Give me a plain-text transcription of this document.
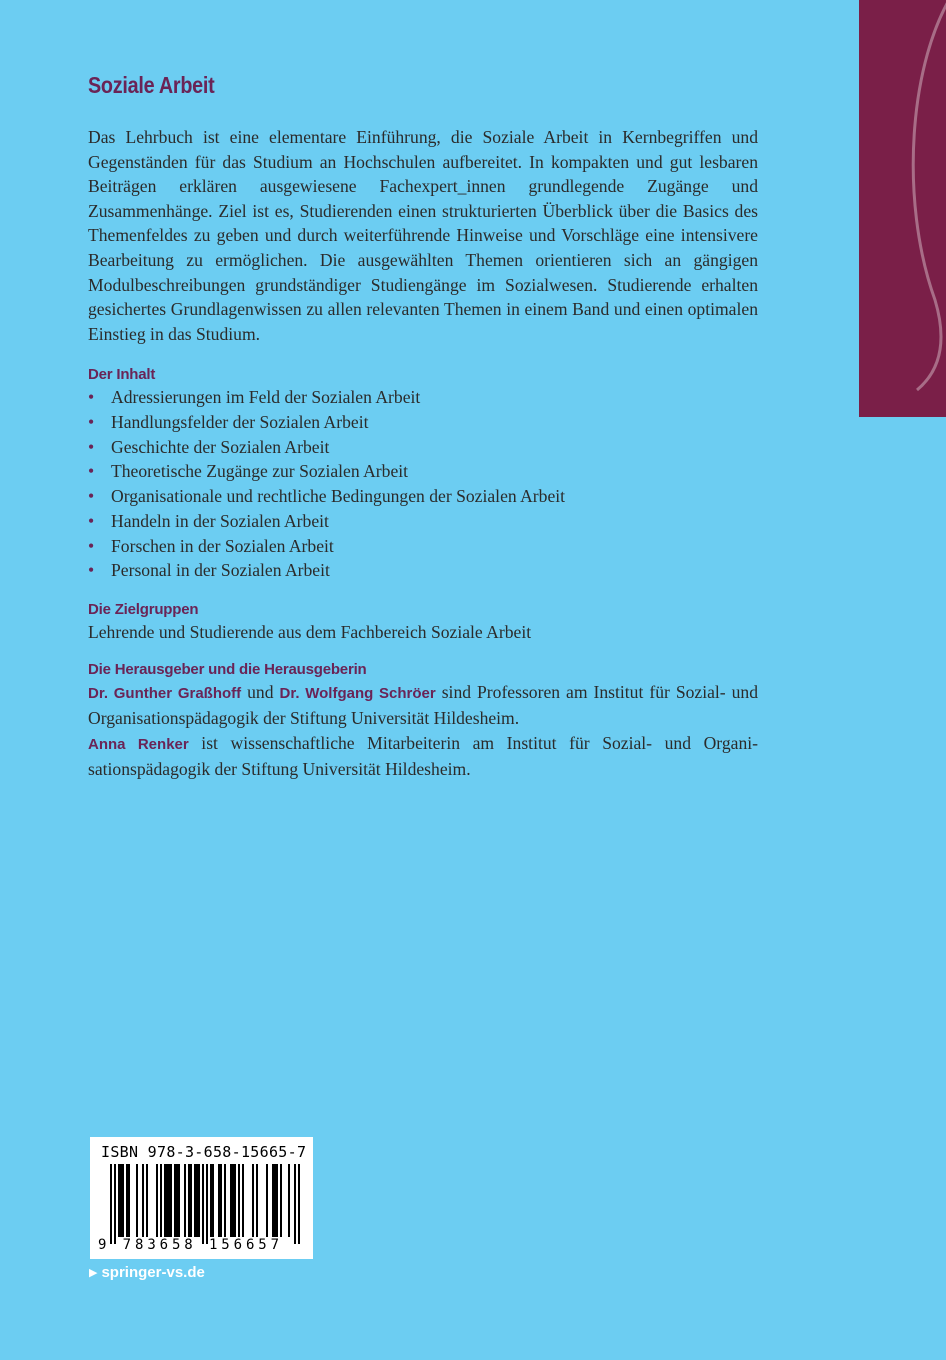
Soziale Arbeit

Das Lehrbuch ist eine elementare Einführung, die Soziale Arbeit in Kernbegriffen und Gegenständen für das Studium an Hochschulen aufbereitet. In kompakten und gut lesbaren Beiträgen erklären ausgewiesene Fachexpert_innen grundlegende Zugänge und Zusammenhänge. Ziel ist es, Studierenden einen strukturierten Überblick über die Basics des Themenfeldes zu geben und durch weiterführende Hinweise und Vorschläge eine intensivere Bearbeitung zu ermöglichen. Die ausgewählten Themen orientieren sich an gängigen Modulbeschreibungen grundständiger Studiengänge im Sozialwesen. Studierende erhalten gesichertes Grundlagenwissen zu allen relevanten Themen in einem Band und einen optimalen Einstieg in das Studium.

Der Inhalt
• Adressierungen im Feld der Sozialen Arbeit
• Handlungsfelder der Sozialen Arbeit
• Geschichte der Sozialen Arbeit
• Theoretische Zugänge zur Sozialen Arbeit
• Organisationale und rechtliche Bedingungen der Sozialen Arbeit
• Handeln in der Sozialen Arbeit
• Forschen in der Sozialen Arbeit
• Personal in der Sozialen Arbeit
Die Zielgruppen

Lehrende und Studierende aus dem Fachbereich Soziale Arbeit

Die Herausgeber und die Herausgeberin

Dr. Gunther Graßhoff und Dr. Wolfgang Schröer sind Professoren am Institut für Sozial- und Organisationspädagogik der Stiftung Universität Hildesheim.
Anna Renker ist wissenschaftliche Mitarbeiterin am Institut für Sozial- und Organisationspädagogik der Stiftung Universität Hildesheim.

ISBN 978-3-658-15665-7
9 783658 156657
▶ springer-vs.de
